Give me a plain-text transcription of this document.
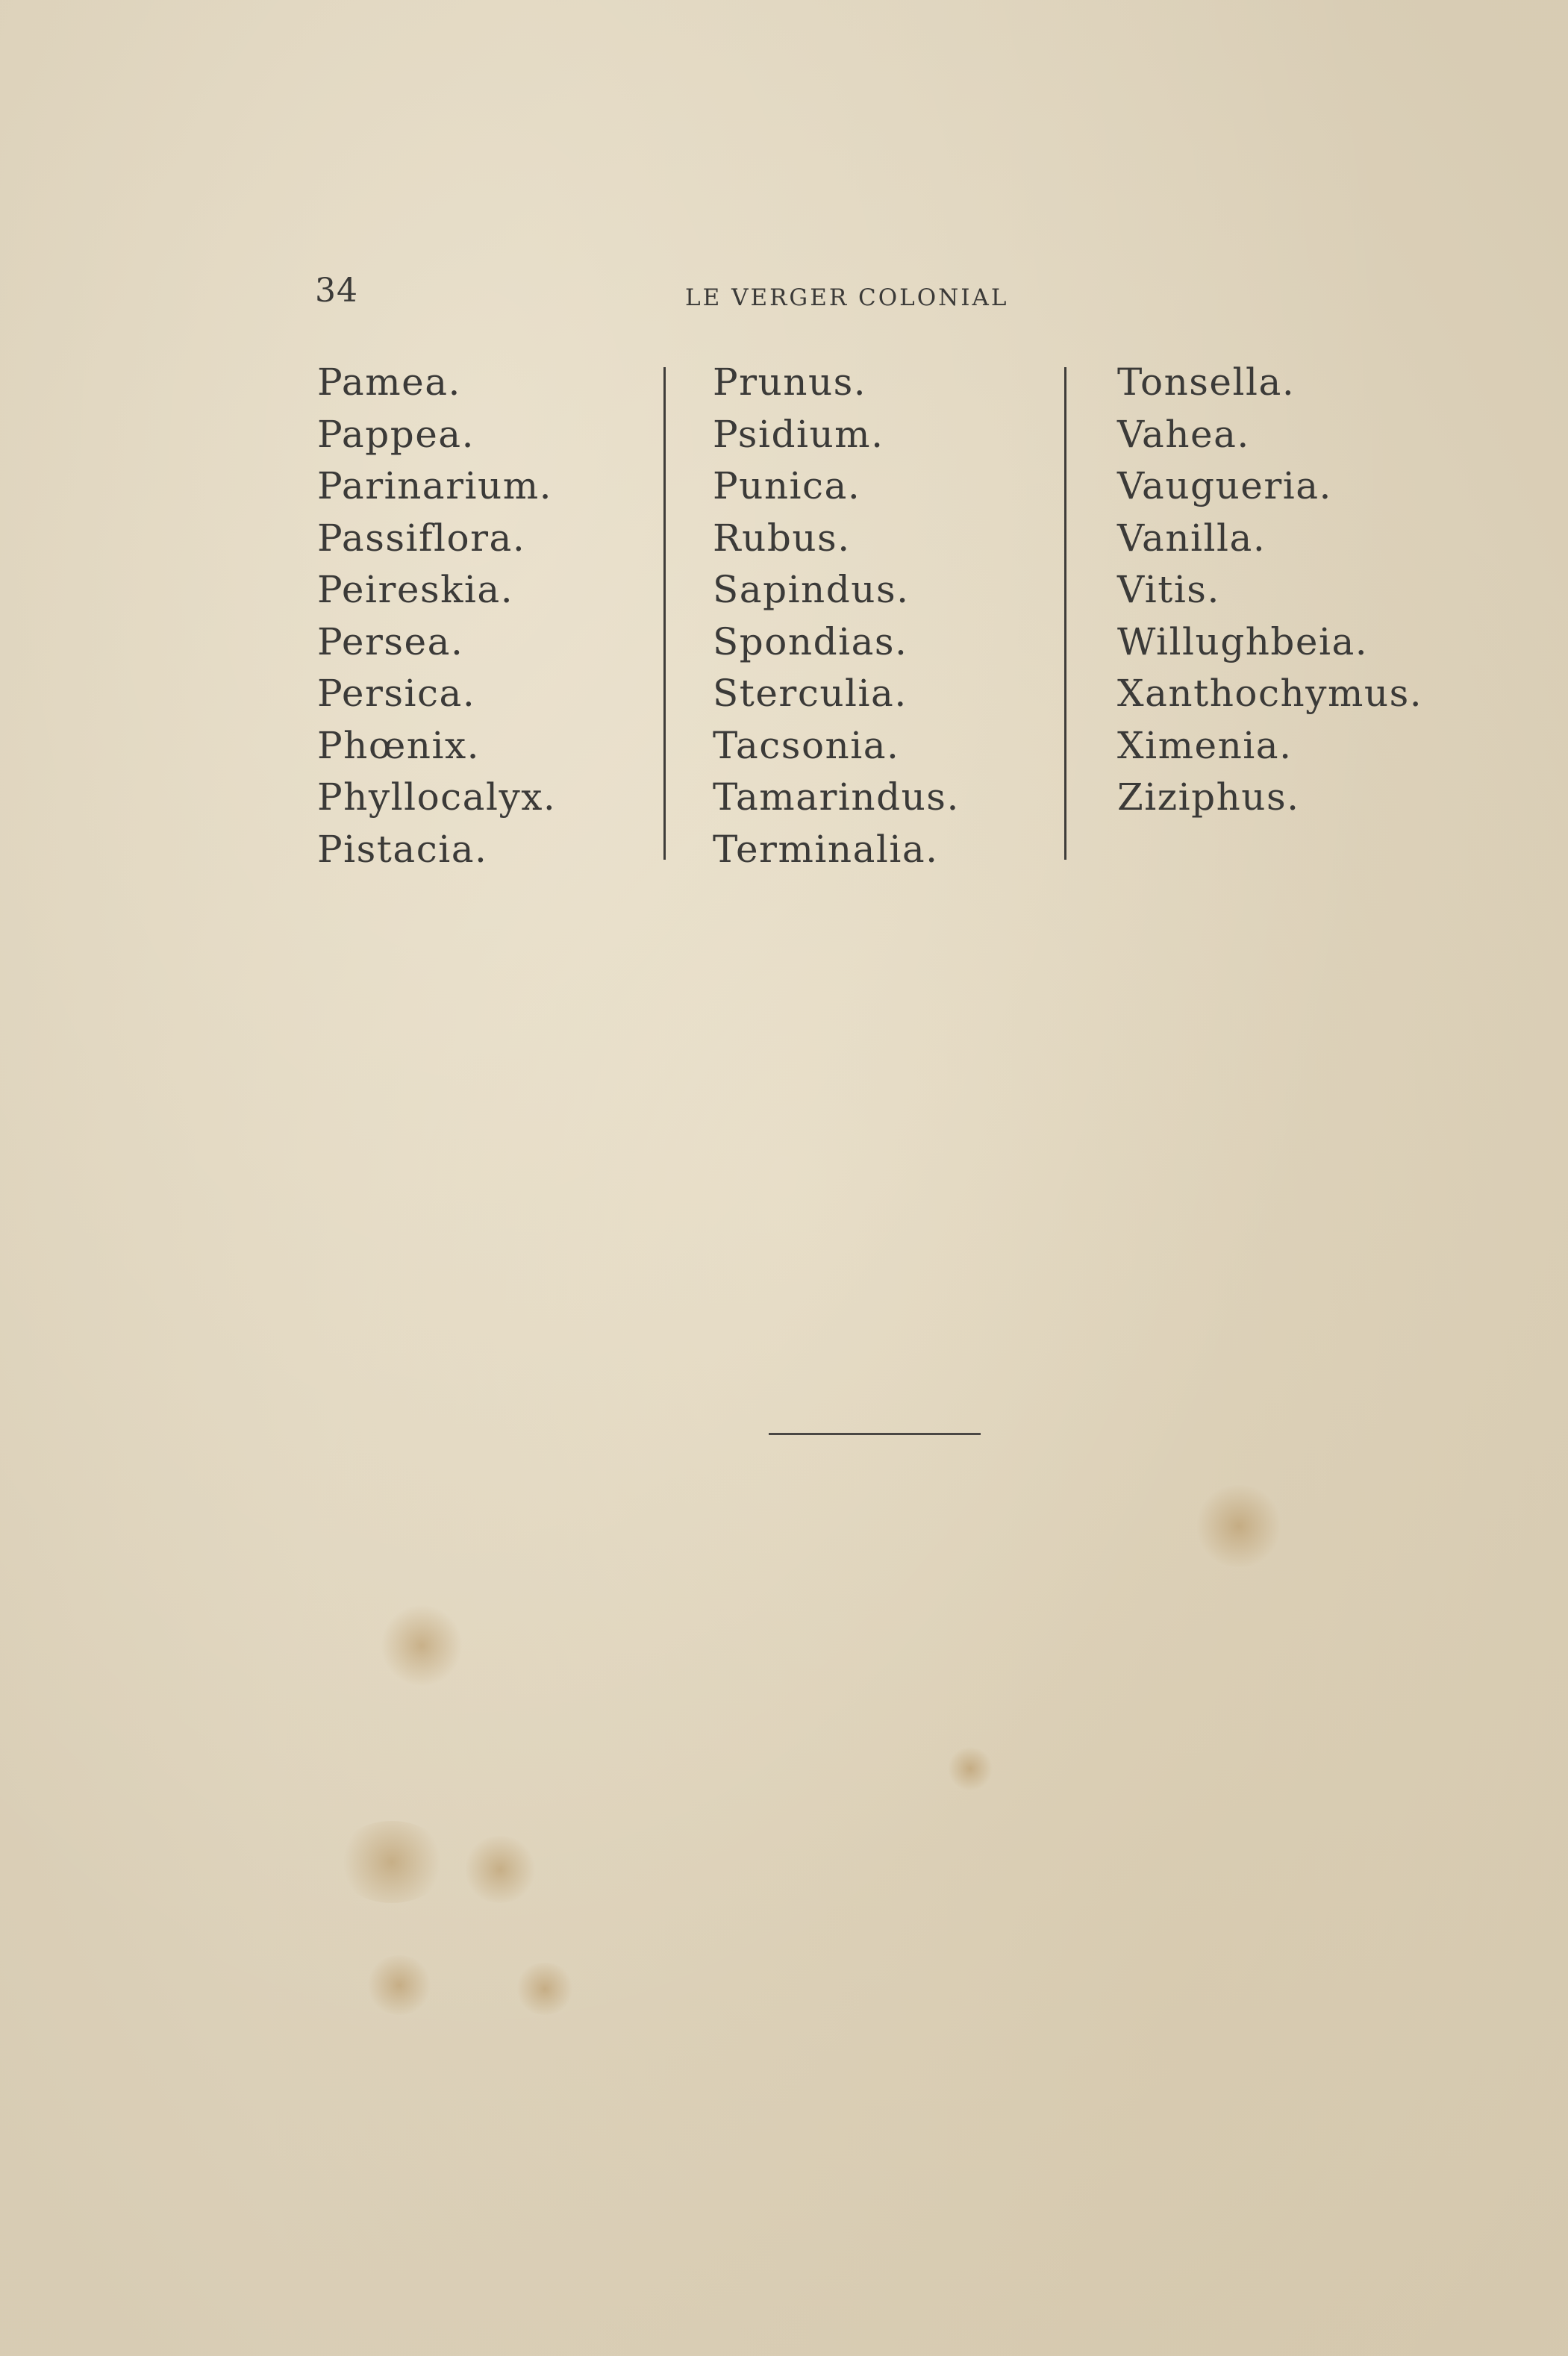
34	LE VERGER COLONIAL
Pamea.
Pappea.
Parinarium.
Passiflora.
Peireskia.
Persea.
Persica.
Phœnix.
Phyllocalyx.
Pistacia.
Prunus.
Psidium.
Punica.
Rubus.
Sapindus.
Spondias.
Sterculia.
Tacsonia.
Tamarindus.
Terminalia.
Tonsella.
Vahea.
Vaugueria.
Vanilla.
Vitis.
Willughbeia.
Xanthochymus.
Ximenia.
Ziziphus.
